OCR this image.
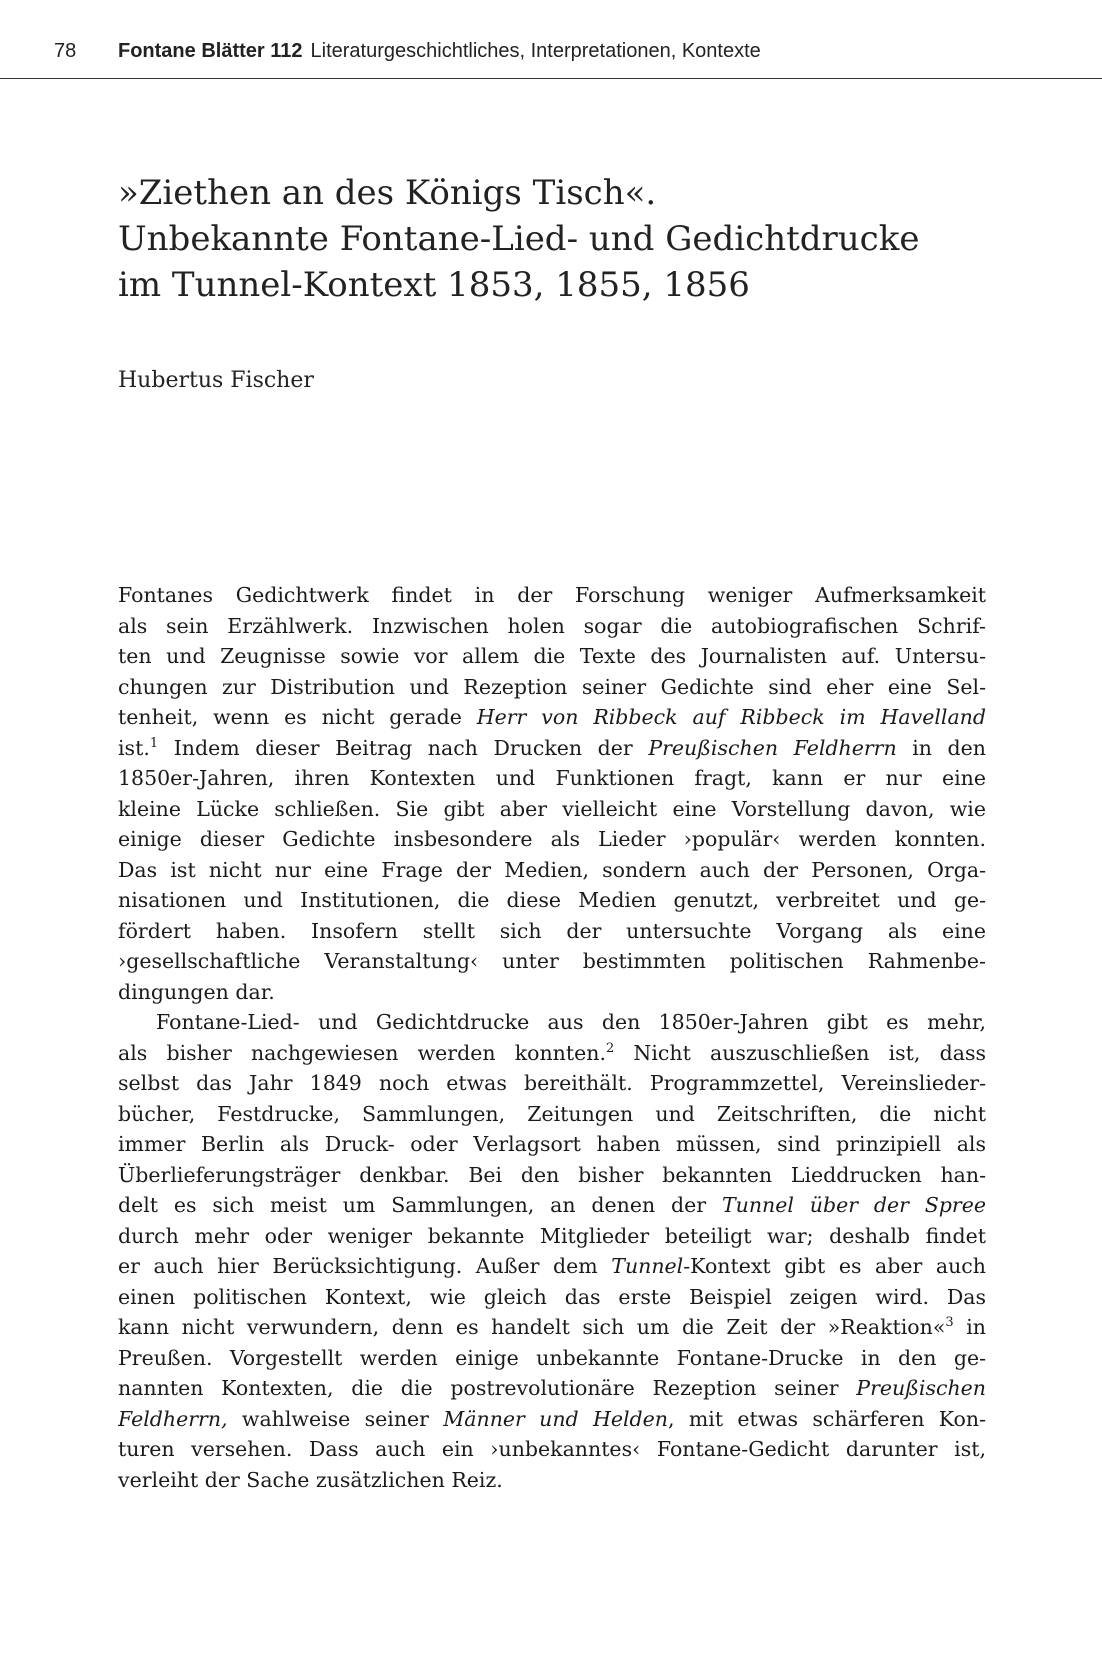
78 Fontane Blätter 112 Literaturgeschichtliches, Interpretationen, Kontexte
»Ziethen an des Königs Tisch«.
Unbekannte Fontane-Lied- und Gedichtdrucke
im Tunnel-Kontext 1853, 1855, 1856
Hubertus Fischer
Fontanes Gedichtwerk findet in der Forschung weniger Aufmerksamkeit
als sein Erzählwerk. Inzwischen holen sogar die autobiografischen Schrif-
ten und Zeugnisse sowie vor allem die Texte des Journalisten auf. Untersu-
chungen zur Distribution und Rezeption seiner Gedichte sind eher eine Sel-
tenheit, wenn es nicht gerade Herr von Ribbeck auf Ribbeck im Havelland
ist.$^1$ Indem dieser Beitrag nach Drucken der Preußischen Feldherrn in den
1850er-Jahren, ihren Kontexten und Funktionen fragt, kann er nur eine
kleine Lücke schließen. Sie gibt aber vielleicht eine Vorstellung davon, wie
einige dieser Gedichte insbesondere als Lieder ›populär‹ werden konnten.
Das ist nicht nur eine Frage der Medien, sondern auch der Personen, Orga-
nisationen und Institutionen, die diese Medien genutzt, verbreitet und ge-
fördert haben. Insofern stellt sich der untersuchte Vorgang als eine
›gesellschaftliche Veranstaltung‹ unter bestimmten politischen Rahmenbe-
dingungen dar.
Fontane-Lied- und Gedichtdrucke aus den 1850er-Jahren gibt es mehr,
als bisher nachgewiesen werden konnten.$^2$ Nicht auszuschließen ist, dass
selbst das Jahr 1849 noch etwas bereithält. Programmzettel, Vereinslieder-
bücher, Festdrucke, Sammlungen, Zeitungen und Zeitschriften, die nicht
immer Berlin als Druck- oder Verlagsort haben müssen, sind prinzipiell als
Überlieferungsträger denkbar. Bei den bisher bekannten Lieddrucken han-
delt es sich meist um Sammlungen, an denen der Tunnel über der Spree
durch mehr oder weniger bekannte Mitglieder beteiligt war; deshalb findet
er auch hier Berücksichtigung. Außer dem Tunnel-Kontext gibt es aber auch
einen politischen Kontext, wie gleich das erste Beispiel zeigen wird. Das
kann nicht verwundern, denn es handelt sich um die Zeit der »Reaktion«$^3$ in
Preußen. Vorgestellt werden einige unbekannte Fontane-Drucke in den ge-
nannten Kontexten, die die postrevolutionäre Rezeption seiner Preußischen
Feldherrn, wahlweise seiner Männer und Helden, mit etwas schärferen Kon-
turen versehen. Dass auch ein ›unbekanntes‹ Fontane-Gedicht darunter ist,
verleiht der Sache zusätzlichen Reiz.
